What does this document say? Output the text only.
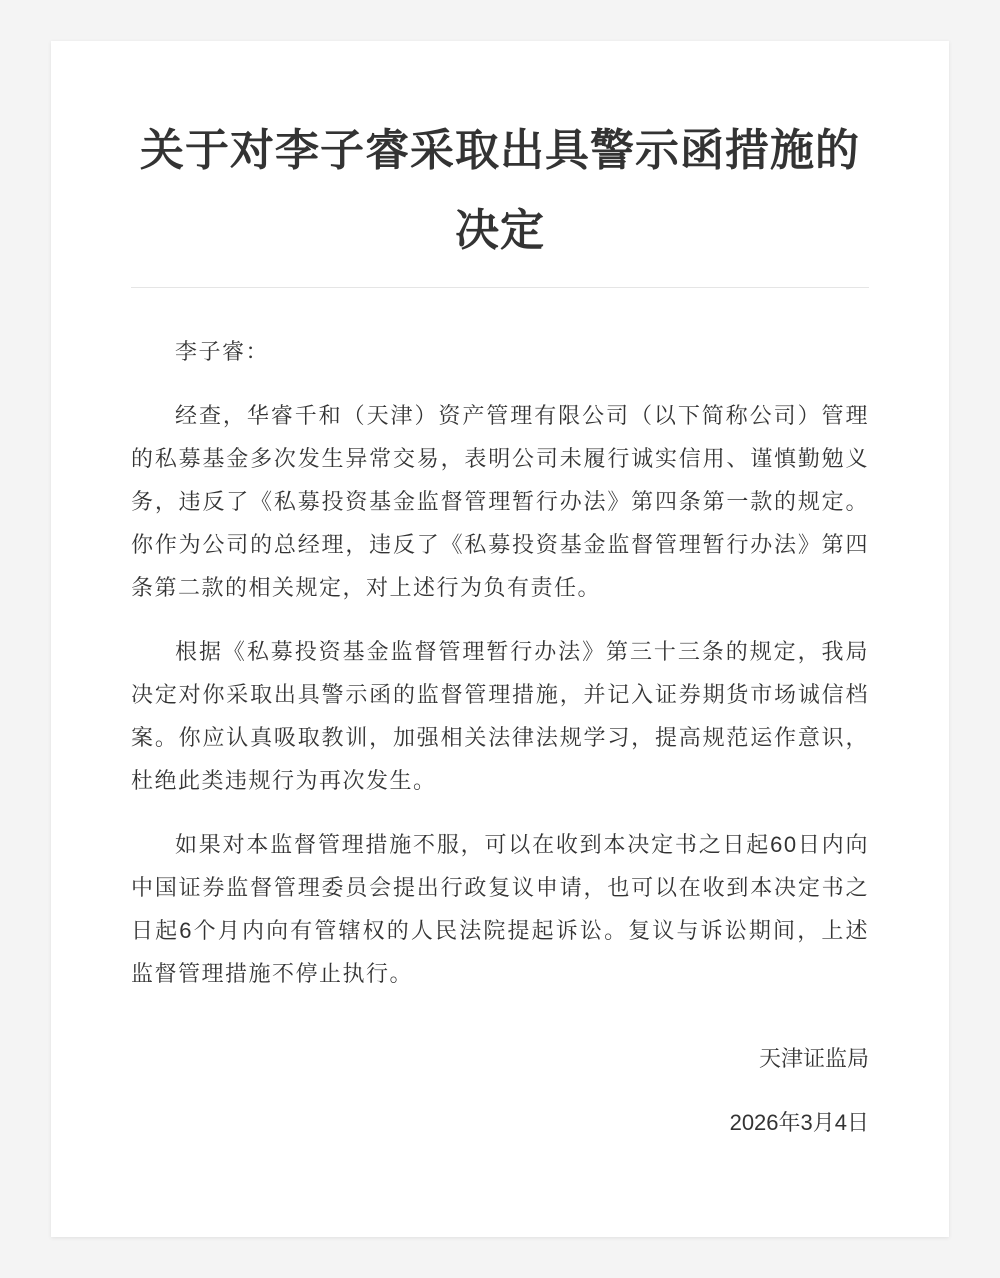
关于对李子睿采取出具警示函措施的决定

李子睿：

经查，华睿千和（天津）资产管理有限公司（以下简称公司）管理的私募基金多次发生异常交易，表明公司未履行诚实信用、谨慎勤勉义务，违反了《私募投资基金监督管理暂行办法》第四条第一款的规定。你作为公司的总经理，违反了《私募投资基金监督管理暂行办法》第四条第二款的相关规定，对上述行为负有责任。

根据《私募投资基金监督管理暂行办法》第三十三条的规定，我局决定对你采取出具警示函的监督管理措施，并记入证券期货市场诚信档案。你应认真吸取教训，加强相关法律法规学习，提高规范运作意识，杜绝此类违规行为再次发生。

如果对本监督管理措施不服，可以在收到本决定书之日起60日内向中国证券监督管理委员会提出行政复议申请，也可以在收到本决定书之日起6个月内向有管辖权的人民法院提起诉讼。复议与诉讼期间，上述监督管理措施不停止执行。

天津证监局
2026年3月4日
